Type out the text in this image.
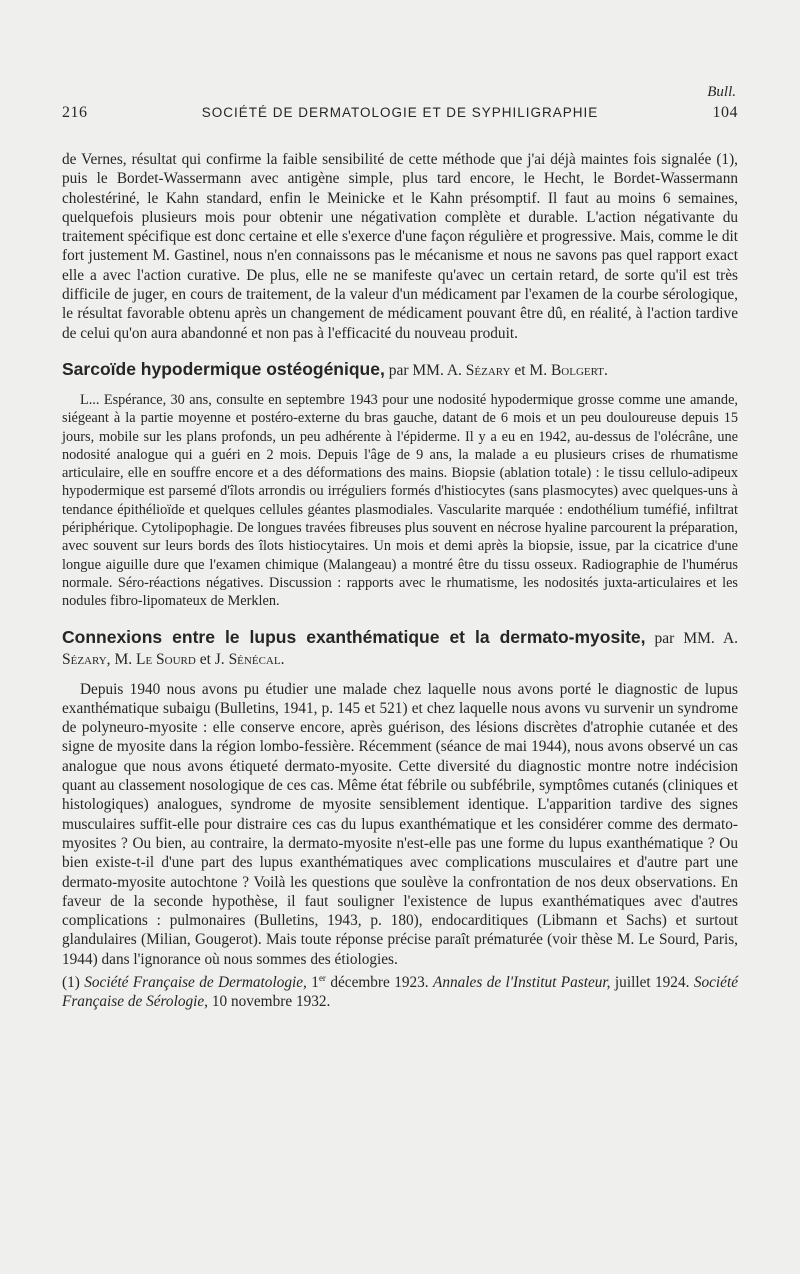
Bull.
216	SOCIÉTÉ DE DERMATOLOGIE ET DE SYPHILIGRAPHIE	104

de Vernes, résultat qui confirme la faible sensibilité de cette méthode que j'ai déjà maintes fois signalée (1), puis le Bordet-Wassermann avec antigène simple, plus tard encore, le Hecht, le Bordet-Wassermann cholestériné, le Kahn standard, enfin le Meinicke et le Kahn présomptif. Il faut au moins 6 semaines, quelquefois plusieurs mois pour obtenir une négativation complète et durable. L'action négativante du traitement spécifique est donc certaine et elle s'exerce d'une façon régulière et progressive. Mais, comme le dit fort justement M. Gastinel, nous n'en connaissons pas le mécanisme et nous ne savons pas quel rapport exact elle a avec l'action curative. De plus, elle ne se manifeste qu'avec un certain retard, de sorte qu'il est très difficile de juger, en cours de traitement, de la valeur d'un médicament par l'examen de la courbe sérologique, le résultat favorable obtenu après un changement de médicament pouvant être dû, en réalité, à l'action tardive de celui qu'on aura abandonné et non pas à l'efficacité du nouveau produit.

Sarcoïde hypodermique ostéogénique, par MM. A. Sézary et M. Bolgert.

L... Espérance, 30 ans, consulte en septembre 1943 pour une nodosité hypodermique grosse comme une amande, siégeant à la partie moyenne et postéro-externe du bras gauche, datant de 6 mois et un peu douloureuse depuis 15 jours, mobile sur les plans profonds, un peu adhérente à l'épiderme. Il y a eu en 1942, au-dessus de l'olécrâne, une nodosité analogue qui a guéri en 2 mois. Depuis l'âge de 9 ans, la malade a eu plusieurs crises de rhumatisme articulaire, elle en souffre encore et a des déformations des mains. Biopsie (ablation totale) : le tissu cellulo-adipeux hypodermique est parsemé d'îlots arrondis ou irréguliers formés d'histiocytes (sans plasmocytes) avec quelques-uns à tendance épithélioïde et quelques cellules géantes plasmodiales. Vascularite marquée : endothélium tuméfié, infiltrat périphérique. Cytolipophagie. De longues travées fibreuses plus souvent en nécrose hyaline parcourent la préparation, avec souvent sur leurs bords des îlots histiocytaires. Un mois et demi après la biopsie, issue, par la cicatrice d'une longue aiguille dure que l'examen chimique (Malangeau) a montré être du tissu osseux. Radiographie de l'humérus normale. Séro-réactions négatives. Discussion : rapports avec le rhumatisme, les nodosités juxta-articulaires et les nodules fibro-lipomateux de Merklen.

Connexions entre le lupus exanthématique et la dermato-myosite, par MM. A. Sézary, M. Le Sourd et J. Sénécal.

Depuis 1940 nous avons pu étudier une malade chez laquelle nous avons porté le diagnostic de lupus exanthématique subaigu (Bulletins, 1941, p. 145 et 521) et chez laquelle nous avons vu survenir un syndrome de polyneuro-myosite : elle conserve encore, après guérison, des lésions discrètes d'atrophie cutanée et des signe de myosite dans la région lombo-fessière. Récemment (séance de mai 1944), nous avons observé un cas analogue que nous avons étiqueté dermato-myosite. Cette diversité du diagnostic montre notre indécision quant au classement nosologique de ces cas. Même état fébrile ou subfébrile, symptômes cutanés (cliniques et histologiques) analogues, syndrome de myosite sensiblement identique. L'apparition tardive des signes musculaires suffit-elle pour distraire ces cas du lupus exanthématique et les considérer comme des dermato-myosites ? Ou bien, au contraire, la dermato-myosite n'est-elle pas une forme du lupus exanthématique ? Ou bien existe-t-il d'une part des lupus exanthématiques avec complications musculaires et d'autre part une dermato-myosite autochtone ? Voilà les questions que soulève la confrontation de nos deux observations. En faveur de la seconde hypothèse, il faut souligner l'existence de lupus exanthématiques avec d'autres complications : pulmonaires (Bulletins, 1943, p. 180), endocarditiques (Libmann et Sachs) et surtout glandulaires (Milian, Gougerot). Mais toute réponse précise paraît prématurée (voir thèse M. Le Sourd, Paris, 1944) dans l'ignorance où nous sommes des étiologies.

(1) Société Française de Dermatologie, 1er décembre 1923. Annales de l'Institut Pasteur, juillet 1924. Société Française de Sérologie, 10 novembre 1932.
